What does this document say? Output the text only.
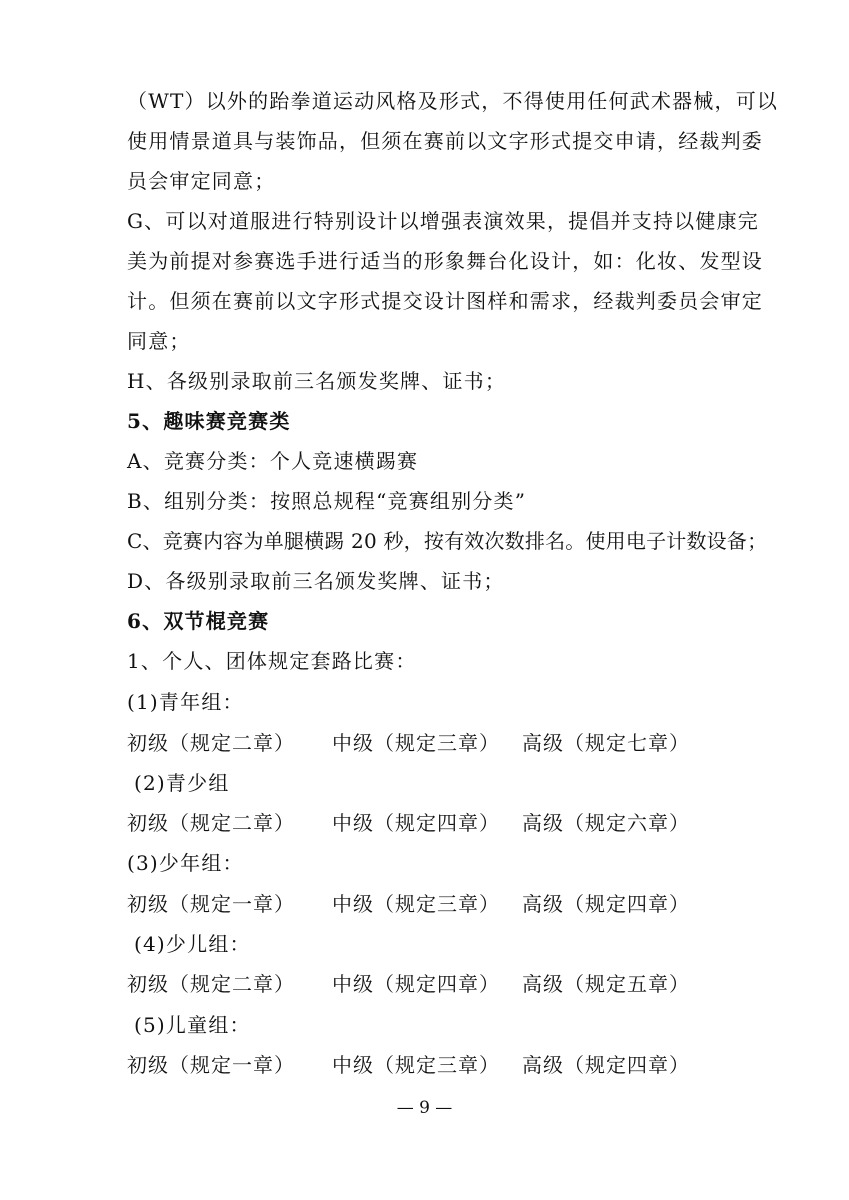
（WT）以外的跆拳道运动风格及形式，不得使用任何武术器械，可以
使用情景道具与装饰品，但须在赛前以文字形式提交申请，经裁判委
员会审定同意；
G、可以对道服进行特别设计以增强表演效果，提倡并支持以健康完
美为前提对参赛选手进行适当的形象舞台化设计，如：化妆、发型设
计。但须在赛前以文字形式提交设计图样和需求，经裁判委员会审定
同意；
H、各级别录取前三名颁发奖牌、证书；
5、趣味赛竞赛类
A、竞赛分类：个人竞速横踢赛
B、组别分类：按照总规程“竞赛组别分类”
C、竞赛内容为单腿横踢 20 秒，按有效次数排名。使用电子计数设备；
D、各级别录取前三名颁发奖牌、证书；
6、双节棍竞赛
1、个人、团体规定套路比赛：
(1)青年组：
初级（规定二章） 中级（规定三章） 高级（规定七章）
(2)青少组
初级（规定二章） 中级（规定四章） 高级（规定六章）
(3)少年组：
初级（规定一章） 中级（规定三章） 高级（规定四章）
(4)少儿组：
初级（规定二章） 中级（规定四章） 高级（规定五章）
(5)儿童组：
初级（规定一章） 中级（规定三章） 高级（规定四章）
— 9 —
